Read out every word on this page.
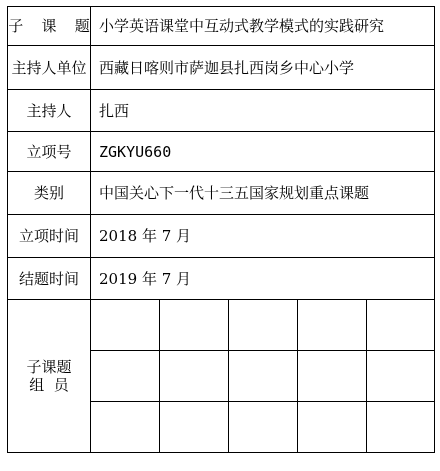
子 课 题	小学英语课堂中互动式教学模式的实践研究				
主持人单位	西藏日喀则市萨迦县扎西岗乡中心小学				
主持人	扎西				
立项号	ZGKYU660				
类别	中国关心下一代十三五国家规划重点课题				
立项时间	2018 年 7 月				
结题时间	2019 年 7 月				

子课题
组  员					
